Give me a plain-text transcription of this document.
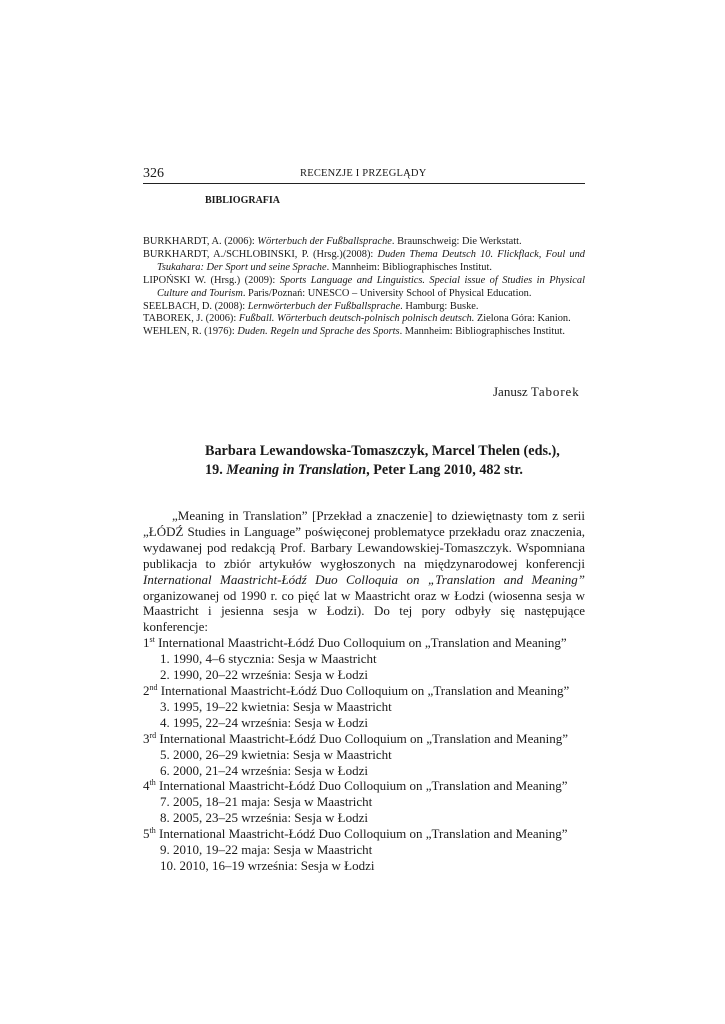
326	RECENZJE I PRZEGLĄDY
BIBLIOGRAFIA

BURKHARDT, A. (2006): Wörterbuch der Fußballsprache. Braunschweig: Die Werkstatt.

BURKHARDT, A./SCHLOBINSKI, P. (Hrsg.)(2008): Duden Thema Deutsch 10. Flickflack, Foul und Tsukahara: Der Sport und seine Sprache. Mannheim: Bibliographisches Institut.

LIPOŃSKI W. (Hrsg.) (2009): Sports Language and Linguistics. Special issue of Studies in Physical Culture and Tourism. Paris/Poznań: UNESCO – University School of Physical Education.

SEELBACH, D. (2008): Lernwörterbuch der Fußballsprache. Hamburg: Buske.

TABOREK, J. (2006): Fußball. Wörterbuch deutsch-polnisch polnisch deutsch. Zielona Góra: Kanion.

WEHLEN, R. (1976): Duden. Regeln und Sprache des Sports. Mannheim: Bibliographisches Institut.

Janusz Taborek
Barbara Lewandowska-Tomaszczyk, Marcel Thelen (eds.),
19. Meaning in Translation, Peter Lang 2010, 482 str.

„Meaning in Translation” [Przekład a znaczenie] to dziewiętnasty tom z serii „ŁÓDŹ Studies in Language” poświęconej problematyce przekładu oraz znaczenia, wydawanej pod redakcją Prof. Barbary Lewandowskiej-Tomaszczyk. Wspomniana publikacja to zbiór artykułów wygłoszonych na międzynarodowej konferencji International Maastricht-Łódź Duo Colloquia on „Translation and Meaning” organizowanej od 1990 r. co pięć lat w Maastricht oraz w Łodzi (wiosenna sesja w Maastricht i jesienna sesja w Łodzi). Do tej pory odbyły się następujące konferencje:

1st International Maastricht-Łódź Duo Colloquium on „Translation and Meaning”

1. 1990, 4–6 stycznia: Sesja w Maastricht

2. 1990, 20–22 września: Sesja w Łodzi

2nd International Maastricht-Łódź Duo Colloquium on „Translation and Meaning”

3. 1995, 19–22 kwietnia: Sesja w Maastricht

4. 1995, 22–24 września: Sesja w Łodzi

3rd International Maastricht-Łódź Duo Colloquium on „Translation and Meaning”

5. 2000, 26–29 kwietnia: Sesja w Maastricht

6. 2000, 21–24 września: Sesja w Łodzi

4th International Maastricht-Łódź Duo Colloquium on „Translation and Meaning”

7. 2005, 18–21 maja: Sesja w Maastricht

8. 2005, 23–25 września: Sesja w Łodzi

5th International Maastricht-Łódź Duo Colloquium on „Translation and Meaning”

9. 2010, 19–22 maja: Sesja w Maastricht

10. 2010, 16–19 września: Sesja w Łodzi
